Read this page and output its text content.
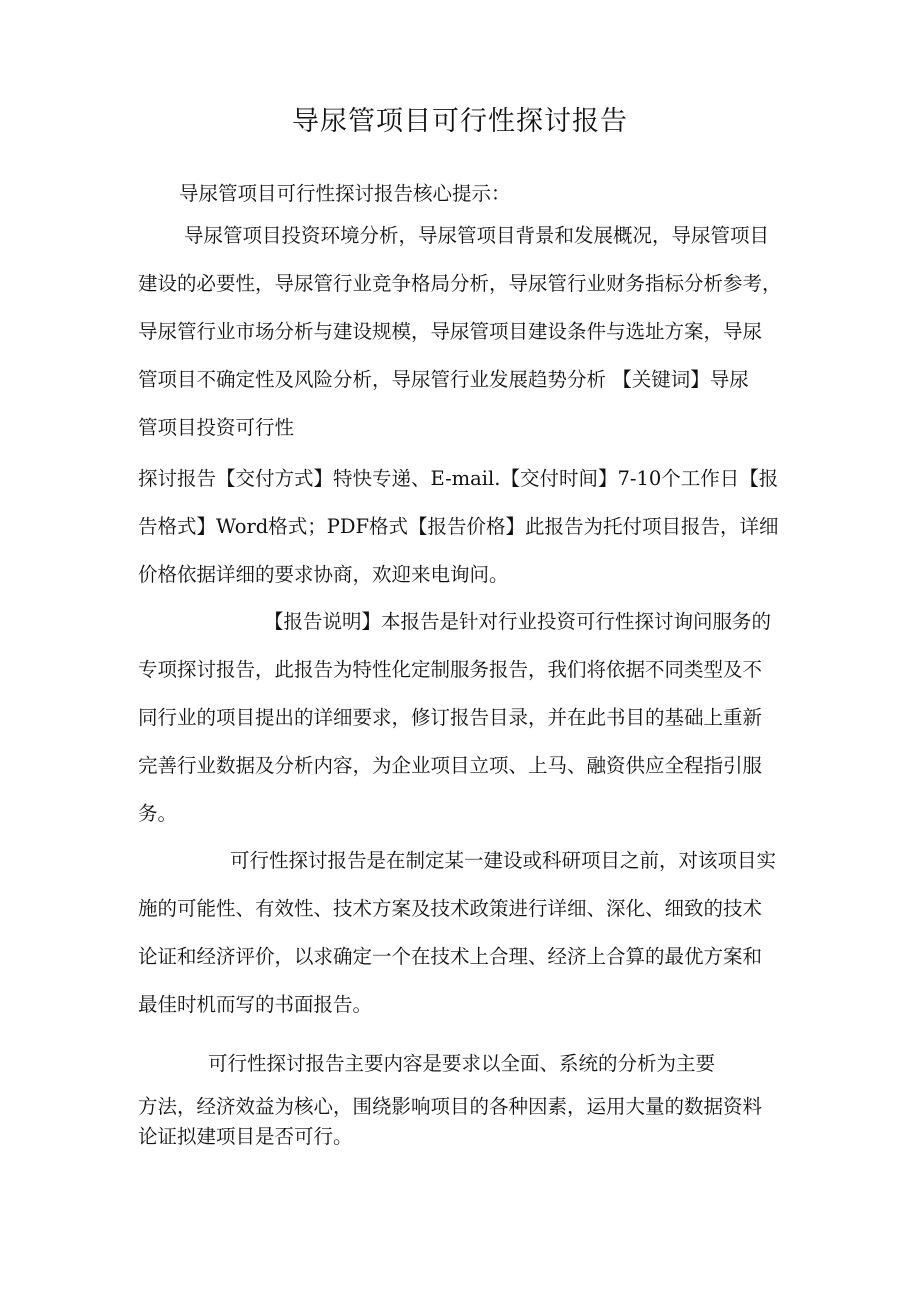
导尿管项目可行性探讨报告
导尿管项目可行性探讨报告核心提示：
导尿管项目投资环境分析，导尿管项目背景和发展概况，导尿管项目
建设的必要性，导尿管行业竞争格局分析，导尿管行业财务指标分析参考，
导尿管行业市场分析与建设规模，导尿管项目建设条件与选址方案，导尿
管项目不确定性及风险分析，导尿管行业发展趋势分析 【关键词】导尿
管项目投资可行性
探讨报告【交付方式】特快专递、E-mail.【交付时间】7-10个工作日【报
告格式】Word格式；PDF格式【报告价格】此报告为托付项目报告，详细
价格依据详细的要求协商，欢迎来电询问。
【报告说明】本报告是针对行业投资可行性探讨询问服务的
专项探讨报告，此报告为特性化定制服务报告，我们将依据不同类型及不
同行业的项目提出的详细要求，修订报告目录，并在此书目的基础上重新
完善行业数据及分析内容，为企业项目立项、上马、融资供应全程指引服
务。
可行性探讨报告是在制定某一建设或科研项目之前，对该项目实
施的可能性、有效性、技术方案及技术政策进行详细、深化、细致的技术
论证和经济评价，以求确定一个在技术上合理、经济上合算的最优方案和
最佳时机而写的书面报告。
可行性探讨报告主要内容是要求以全面、系统的分析为主要
方法，经济效益为核心，围绕影响项目的各种因素，运用大量的数据资料
论证拟建项目是否可行。
